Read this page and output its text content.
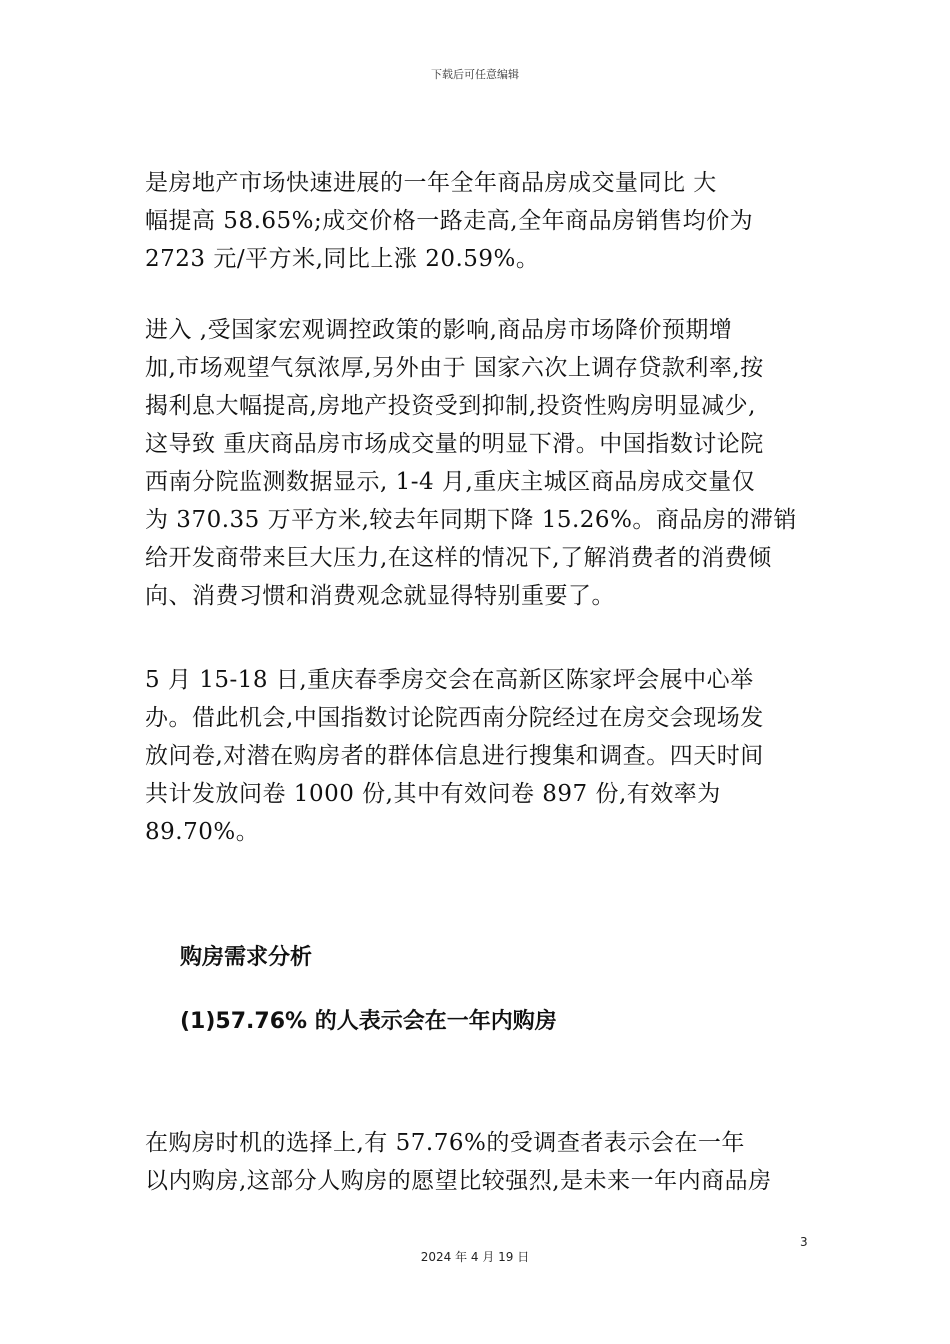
下载后可任意编辑

是房地产市场快速进展的一年全年商品房成交量同比 大
幅提高 58.65%;成交价格一路走高,全年商品房销售均价为
2723 元/平方米,同比上涨 20.59%。

进入 ,受国家宏观调控政策的影响,商品房市场降价预期增
加,市场观望气氛浓厚,另外由于 国家六次上调存贷款利率,按
揭利息大幅提高,房地产投资受到抑制,投资性购房明显减少,
这导致 重庆商品房市场成交量的明显下滑。中国指数讨论院
西南分院监测数据显示, 1-4 月,重庆主城区商品房成交量仅
为 370.35 万平方米,较去年同期下降 15.26%。商品房的滞销
给开发商带来巨大压力,在这样的情况下,了解消费者的消费倾
向、消费习惯和消费观念就显得特别重要了。

5 月 15-18 日,重庆春季房交会在高新区陈家坪会展中心举
办。借此机会,中国指数讨论院西南分院经过在房交会现场发
放问卷,对潜在购房者的群体信息进行搜集和调查。四天时间
共计发放问卷 1000 份,其中有效问卷 897 份,有效率为
89.70%。

购房需求分析
(1)57.76% 的人表示会在一年内购房

在购房时机的选择上,有 57.76%的受调查者表示会在一年
以内购房,这部分人购房的愿望比较强烈,是未来一年内商品房

3
2024 年 4 月 19 日
